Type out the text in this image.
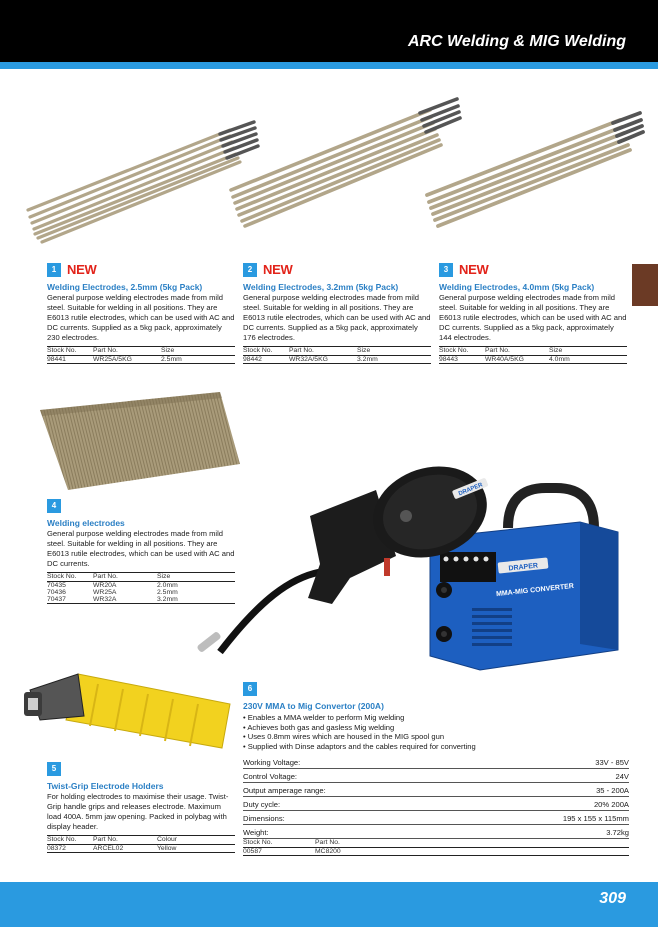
ARC Welding & MIG Welding
1 NEW
Welding Electrodes, 2.5mm (5kg Pack)
General purpose welding electrodes made from mild steel. Suitable for welding in all positions. They are E6013 rutile electrodes, which can be used with AC and DC currents. Supplied as a 5kg pack, approximately 230 electrodes.
Stock No.	Part No.	Size
98441	WR25A/5KG	2.5mm
2 NEW
Welding Electrodes, 3.2mm (5kg Pack)
General purpose welding electrodes made from mild steel. Suitable for welding in all positions. They are E6013 rutile electrodes, which can be used with AC and DC currents. Supplied as a 5kg pack, approximately 176 electrodes.
Stock No.	Part No.	Size
98442	WR32A/5KG	3.2mm
3 NEW
Welding Electrodes, 4.0mm (5kg Pack)
General purpose welding electrodes made from mild steel. Suitable for welding in all positions. They are E6013 rutile electrodes, which can be used with AC and DC currents. Supplied as a 5kg pack, approximately 144 electrodes.
Stock No.	Part No.	Size
98443	WR40A/5KG	4.0mm
4
Welding electrodes
General purpose welding electrodes made from mild steel. Suitable for welding in all positions. They are E6013 rutile electrodes, which can be used with AC and DC currents.
Stock No.	Part No.	Size
70435	WR20A	2.0mm
70436	WR25A	2.5mm
70437	WR32A	3.2mm
5
Twist-Grip Electrode Holders
For holding electrodes to maximise their usage. Twist-Grip handle grips and releases electrode. Maximum load 400A. 5mm jaw opening. Packed in polybag with display header.
Stock No.	Part No.	Colour
08372	ARCEL02	Yellow
DRAPER
MMA-MIG CONVERTER
DRAPER
6
230V MMA to Mig Convertor (200A)
• Enables a MMA welder to perform Mig welding
• Achieves both gas and gasless Mig welding
• Uses 0.8mm wires which are housed in the MIG spool gun
• Supplied with Dinse adaptors and the cables required for converting
Working Voltage:	33V - 85V
Control Voltage:	24V
Output amperage range:	35 - 200A
Duty cycle:	20% 200A
Dimensions:	195 x 155 x 115mm
Weight:	3.72kg
Stock No.	Part No.
00587	MC8200
309
